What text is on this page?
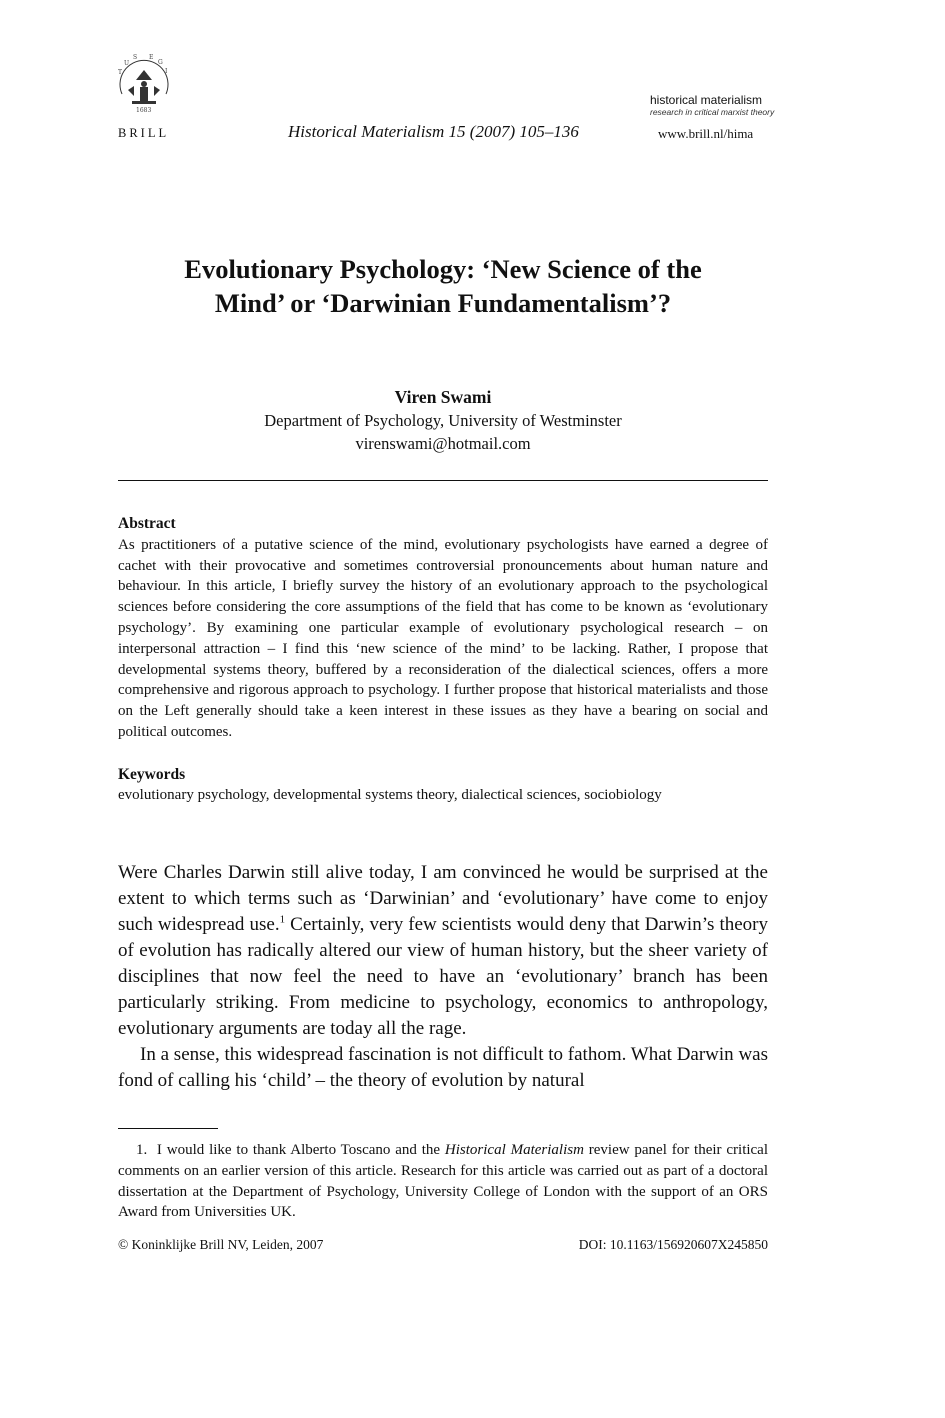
T
U
S E
G
I
1683
BRILL	Historical Materialism 15 (2007) 105–136
historical materialism
research in critical marxist theory
www.brill.nl/hima
Evolutionary Psychology: ‘New Science of the
Mind’ or ‘Darwinian Fundamentalism’?
Viren Swami
Department of Psychology, University of Westminster
virenswami@hotmail.com
Abstract
As practitioners of a putative science of the mind, evolutionary psychologists have earned a degree of cachet with their provocative and sometimes controversial pronouncements about human nature and behaviour. In this article, I briefly survey the history of an evolutionary approach to the psychological sciences before considering the core assumptions of the field that has come to be known as ‘evolutionary psychology’. By examining one particular example of evolutionary psychological research – on interpersonal attraction – I find this ‘new science of the mind’ to be lacking. Rather, I propose that developmental systems theory, buffered by a reconsideration of the dialectical sciences, offers a more comprehensive and rigorous approach to psychology. I further propose that historical materialists and those on the Left generally should take a keen interest in these issues as they have a bearing on social and political outcomes.
Keywords
evolutionary psychology, developmental systems theory, dialectical sciences, sociobiology

Were Charles Darwin still alive today, I am convinced he would be surprised at the extent to which terms such as ‘Darwinian’ and ‘evolutionary’ have come to enjoy such widespread use.$^1$ Certainly, very few scientists would deny that Darwin’s theory of evolution has radically altered our view of human history, but the sheer variety of disciplines that now feel the need to have an ‘evolutionary’ branch has been particularly striking. From medicine to psychology, economics to anthropology, evolutionary arguments are today all the rage.

In a sense, this widespread fascination is not difficult to fathom. What Darwin was fond of calling his ‘child’ – the theory of evolution by natural

1. I would like to thank Alberto Toscano and the Historical Materialism review panel for their critical comments on an earlier version of this article. Research for this article was carried out as part of a doctoral dissertation at the Department of Psychology, University College of London with the support of an ORS Award from Universities UK.
© Koninklijke Brill NV, Leiden, 2007	DOI: 10.1163/156920607X245850
